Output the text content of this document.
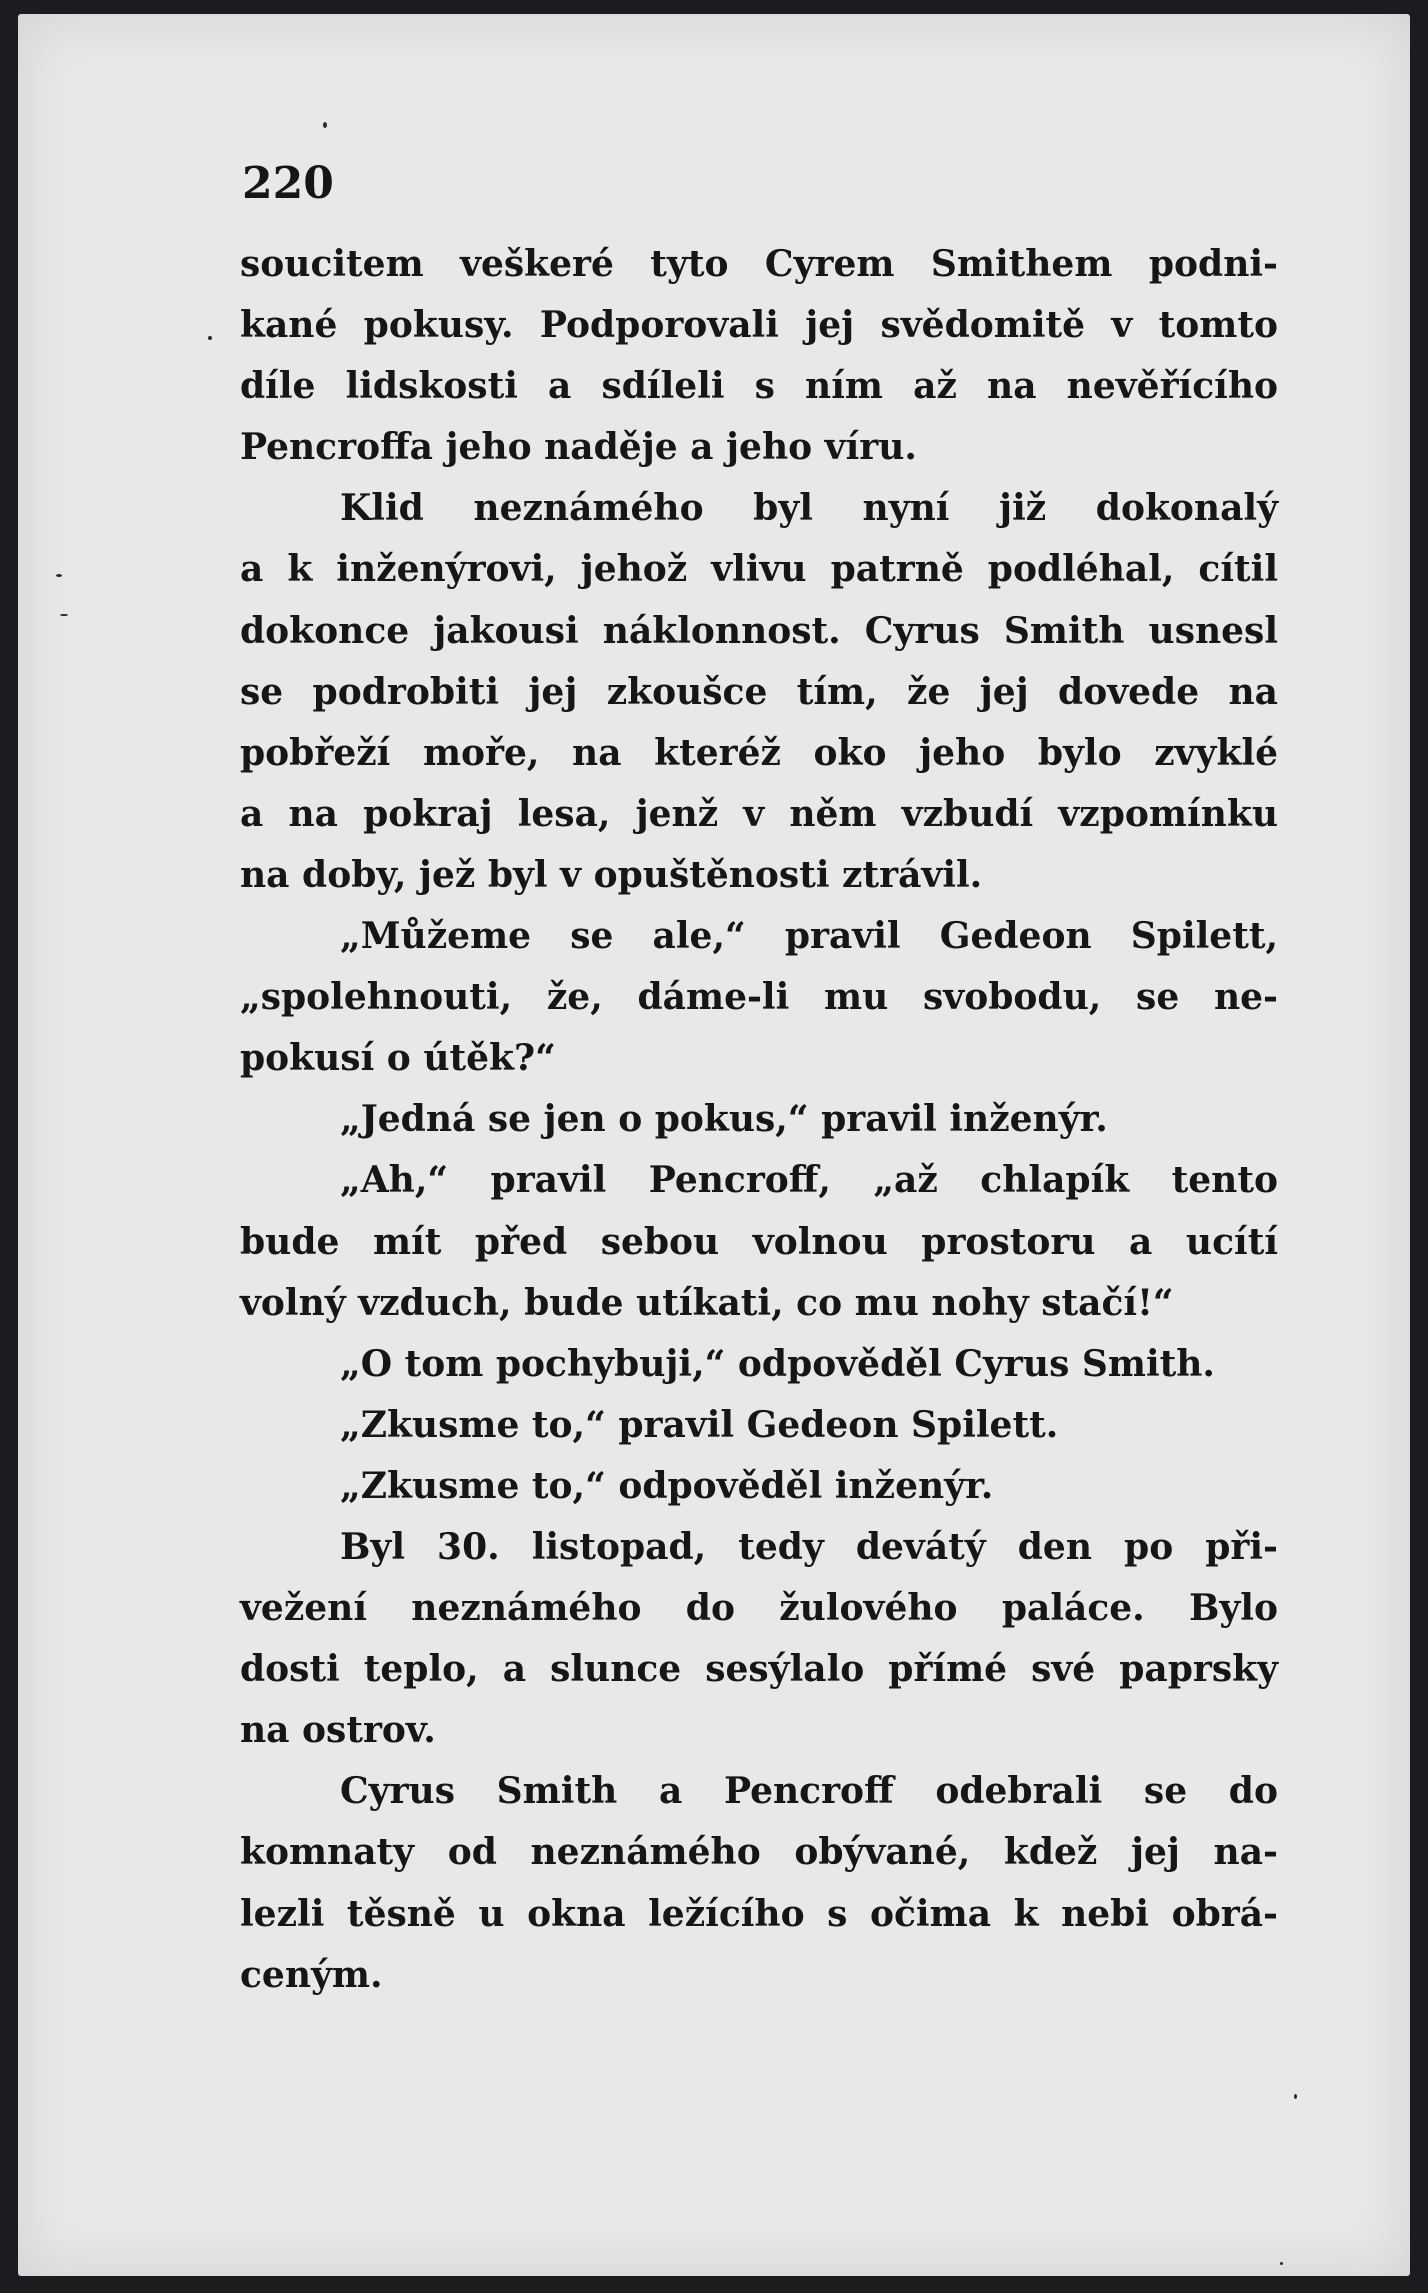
220
soucitem veškeré tyto Cyrem Smithem podni-
kané pokusy. Podporovali jej svědomitě v tomto
díle lidskosti a sdíleli s ním až na nevěřícího
Pencroffa jeho naděje a jeho víru.
Klid neznámého byl nyní již dokonalý
a k inženýrovi, jehož vlivu patrně podléhal, cítil
dokonce jakousi náklonnost. Cyrus Smith usnesl
se podrobiti jej zkoušce tím, že jej dovede na
pobřeží moře, na kteréž oko jeho bylo zvyklé
a na pokraj lesa, jenž v něm vzbudí vzpomínku
na doby, jež byl v opuštěnosti ztrávil.
„Můžeme se ale,“ pravil Gedeon Spilett,
„spolehnouti, že, dáme-li mu svobodu, se ne-
pokusí o útěk?“
„Jedná se jen o pokus,“ pravil inženýr.
„Ah,“ pravil Pencroff, „až chlapík tento
bude mít před sebou volnou prostoru a ucítí
volný vzduch, bude utíkati, co mu nohy stačí!“
„O tom pochybuji,“ odpověděl Cyrus Smith.
„Zkusme to,“ pravil Gedeon Spilett.
„Zkusme to,“ odpověděl inženýr.
Byl 30. listopad, tedy devátý den po při-
vežení neznámého do žulového paláce. Bylo
dosti teplo, a slunce sesýlalo přímé své paprsky
na ostrov.
Cyrus Smith a Pencroff odebrali se do
komnaty od neznámého obývané, kdež jej na-
lezli těsně u okna ležícího s očima k nebi obrá-
ceným.
